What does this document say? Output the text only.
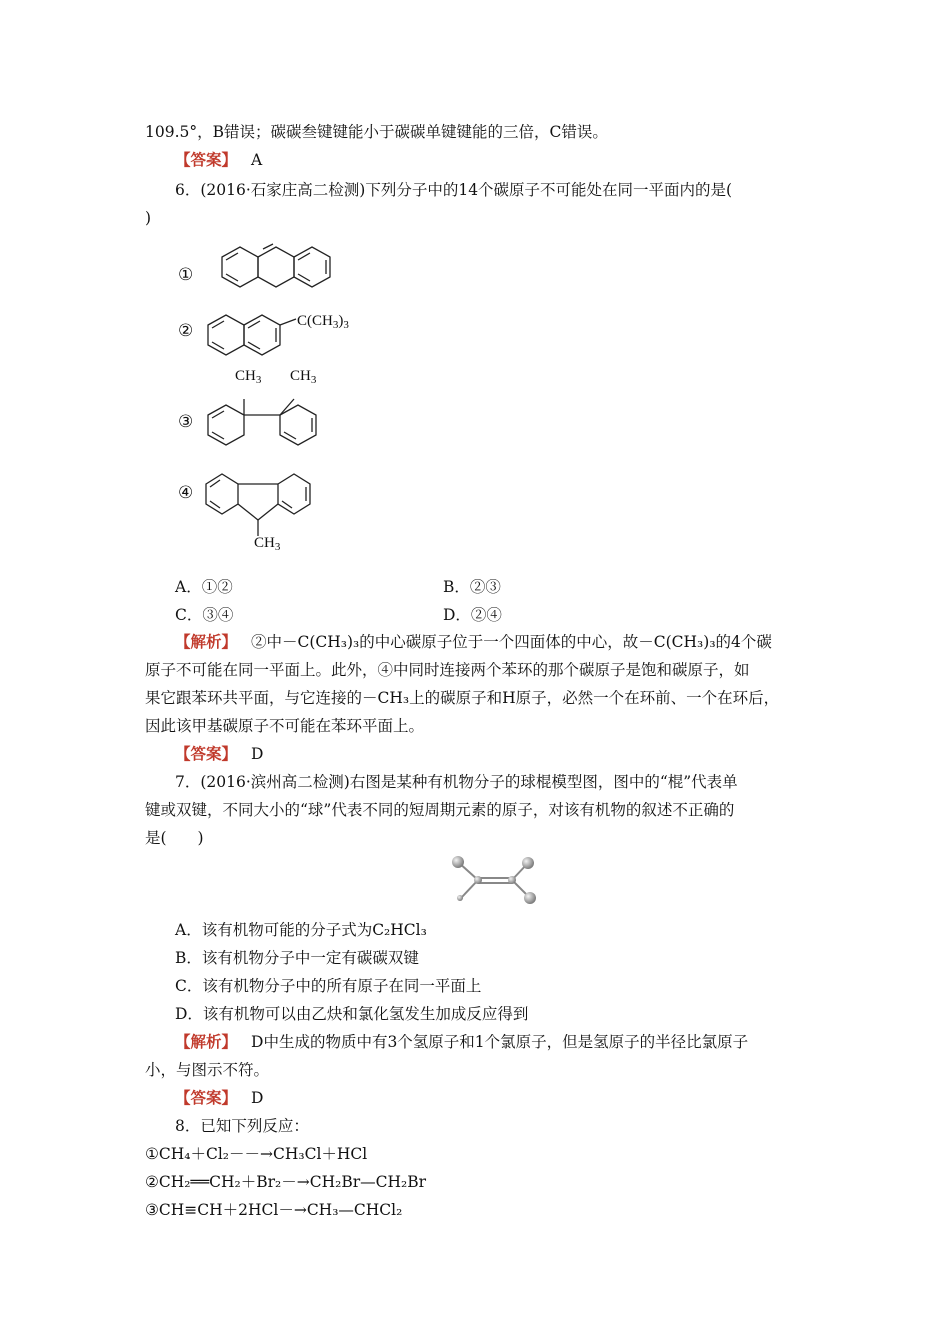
109.5°，B错误；碳碳叁键键能小于碳碳单键键能的三倍，C错误。
【答案】 A
6．(2016·石家庄高二检测)下列分子中的14个碳原子不可能处在同一平面内的是(
)
①
②	$C(CH_3)_3$
$CH_3$ $CH_3$
③
④
$CH_3$
A．①②	B．②③
C．③④	D．②④
【解析】 ②中－C(CH₃)₃的中心碳原子位于一个四面体的中心，故－C(CH₃)₃的4个碳
原子不可能在同一平面上。此外，④中同时连接两个苯环的那个碳原子是饱和碳原子，如
果它跟苯环共平面，与它连接的－CH₃上的碳原子和H原子，必然一个在环前、一个在环后，
因此该甲基碳原子不可能在苯环平面上。
【答案】 D
7．(2016·滨州高二检测)右图是某种有机物分子的球棍模型图，图中的“棍”代表单
键或双键，不同大小的“球”代表不同的短周期元素的原子，对该有机物的叙述不正确的
是(　　)
A．该有机物可能的分子式为C₂HCl₃
B．该有机物分子中一定有碳碳双键
C．该有机物分子中的所有原子在同一平面上
D．该有机物可以由乙炔和氯化氢发生加成反应得到
【解析】 D中生成的物质中有3个氢原子和1个氯原子，但是氢原子的半径比氯原子
小，与图示不符。
【答案】 D
8．已知下列反应：
①CH₄＋Cl₂－－→CH₃Cl＋HCl
②CH₂══CH₂＋Br₂－→CH₂Br—CH₂Br
③CH≡CH＋2HCl－→CH₃—CHCl₂
